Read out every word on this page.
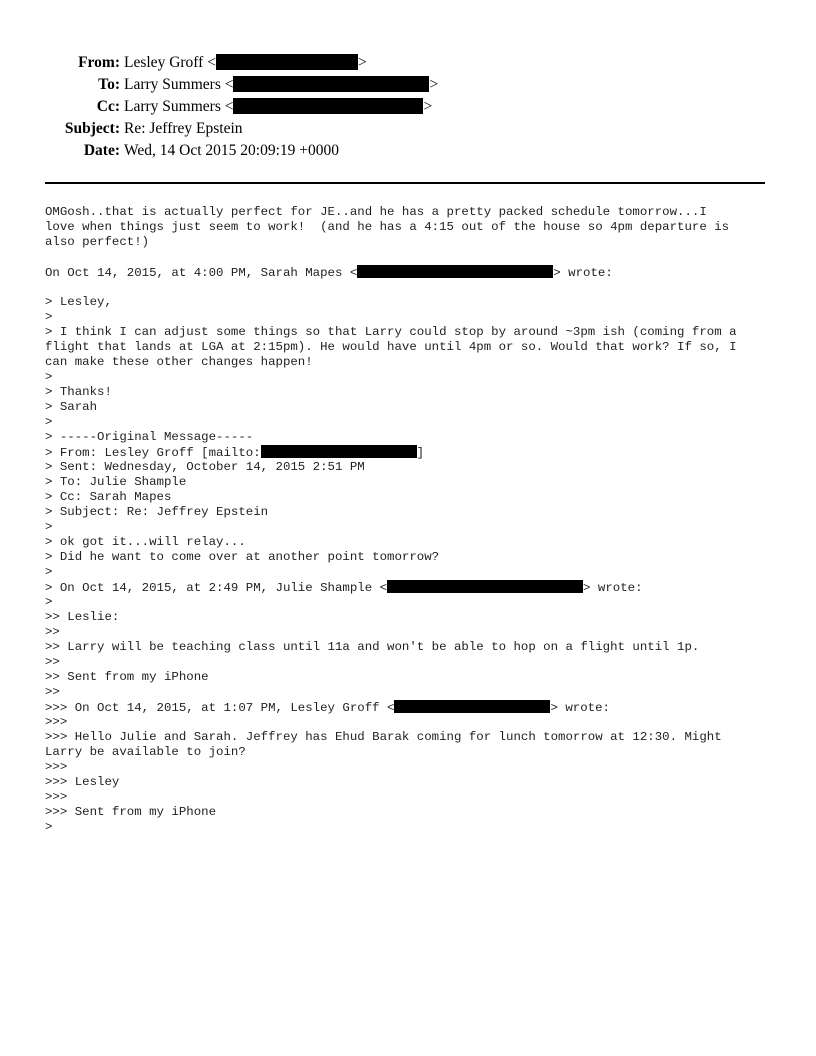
From: Lesley Groff <	>
To: Larry Summers <	>
Cc: Larry Summers <	>
Subject: Re: Jeffrey Epstein
Date: Wed, 14 Oct 2015 20:09:19 +0000
OMGosh..that is actually perfect for JE..and he has a pretty packed schedule tomorrow...I
love when things just seem to work!  (and he has a 4:15 out of the house so 4pm departure is
also perfect!)
On Oct 14, 2015, at 4:00 PM, Sarah Mapes <	> wrote:
> Lesley,
>
> I think I can adjust some things so that Larry could stop by around ~3pm ish (coming from a
flight that lands at LGA at 2:15pm). He would have until 4pm or so. Would that work? If so, I
can make these other changes happen!
>
> Thanks!
> Sarah
>
> -----Original Message-----
> From: Lesley Groff [mailto:	]
> Sent: Wednesday, October 14, 2015 2:51 PM
> To: Julie Shample
> Cc: Sarah Mapes
> Subject: Re: Jeffrey Epstein
>
> ok got it...will relay...
> Did he want to come over at another point tomorrow?
>
> On Oct 14, 2015, at 2:49 PM, Julie Shample <	> wrote:
>
>> Leslie:
>>
>> Larry will be teaching class until 11a and won't be able to hop on a flight until 1p.
>>
>> Sent from my iPhone
>>
>>> On Oct 14, 2015, at 1:07 PM, Lesley Groff <	> wrote:
>>>
>>> Hello Julie and Sarah. Jeffrey has Ehud Barak coming for lunch tomorrow at 12:30. Might
Larry be available to join?
>>>
>>> Lesley
>>>
>>> Sent from my iPhone
>
